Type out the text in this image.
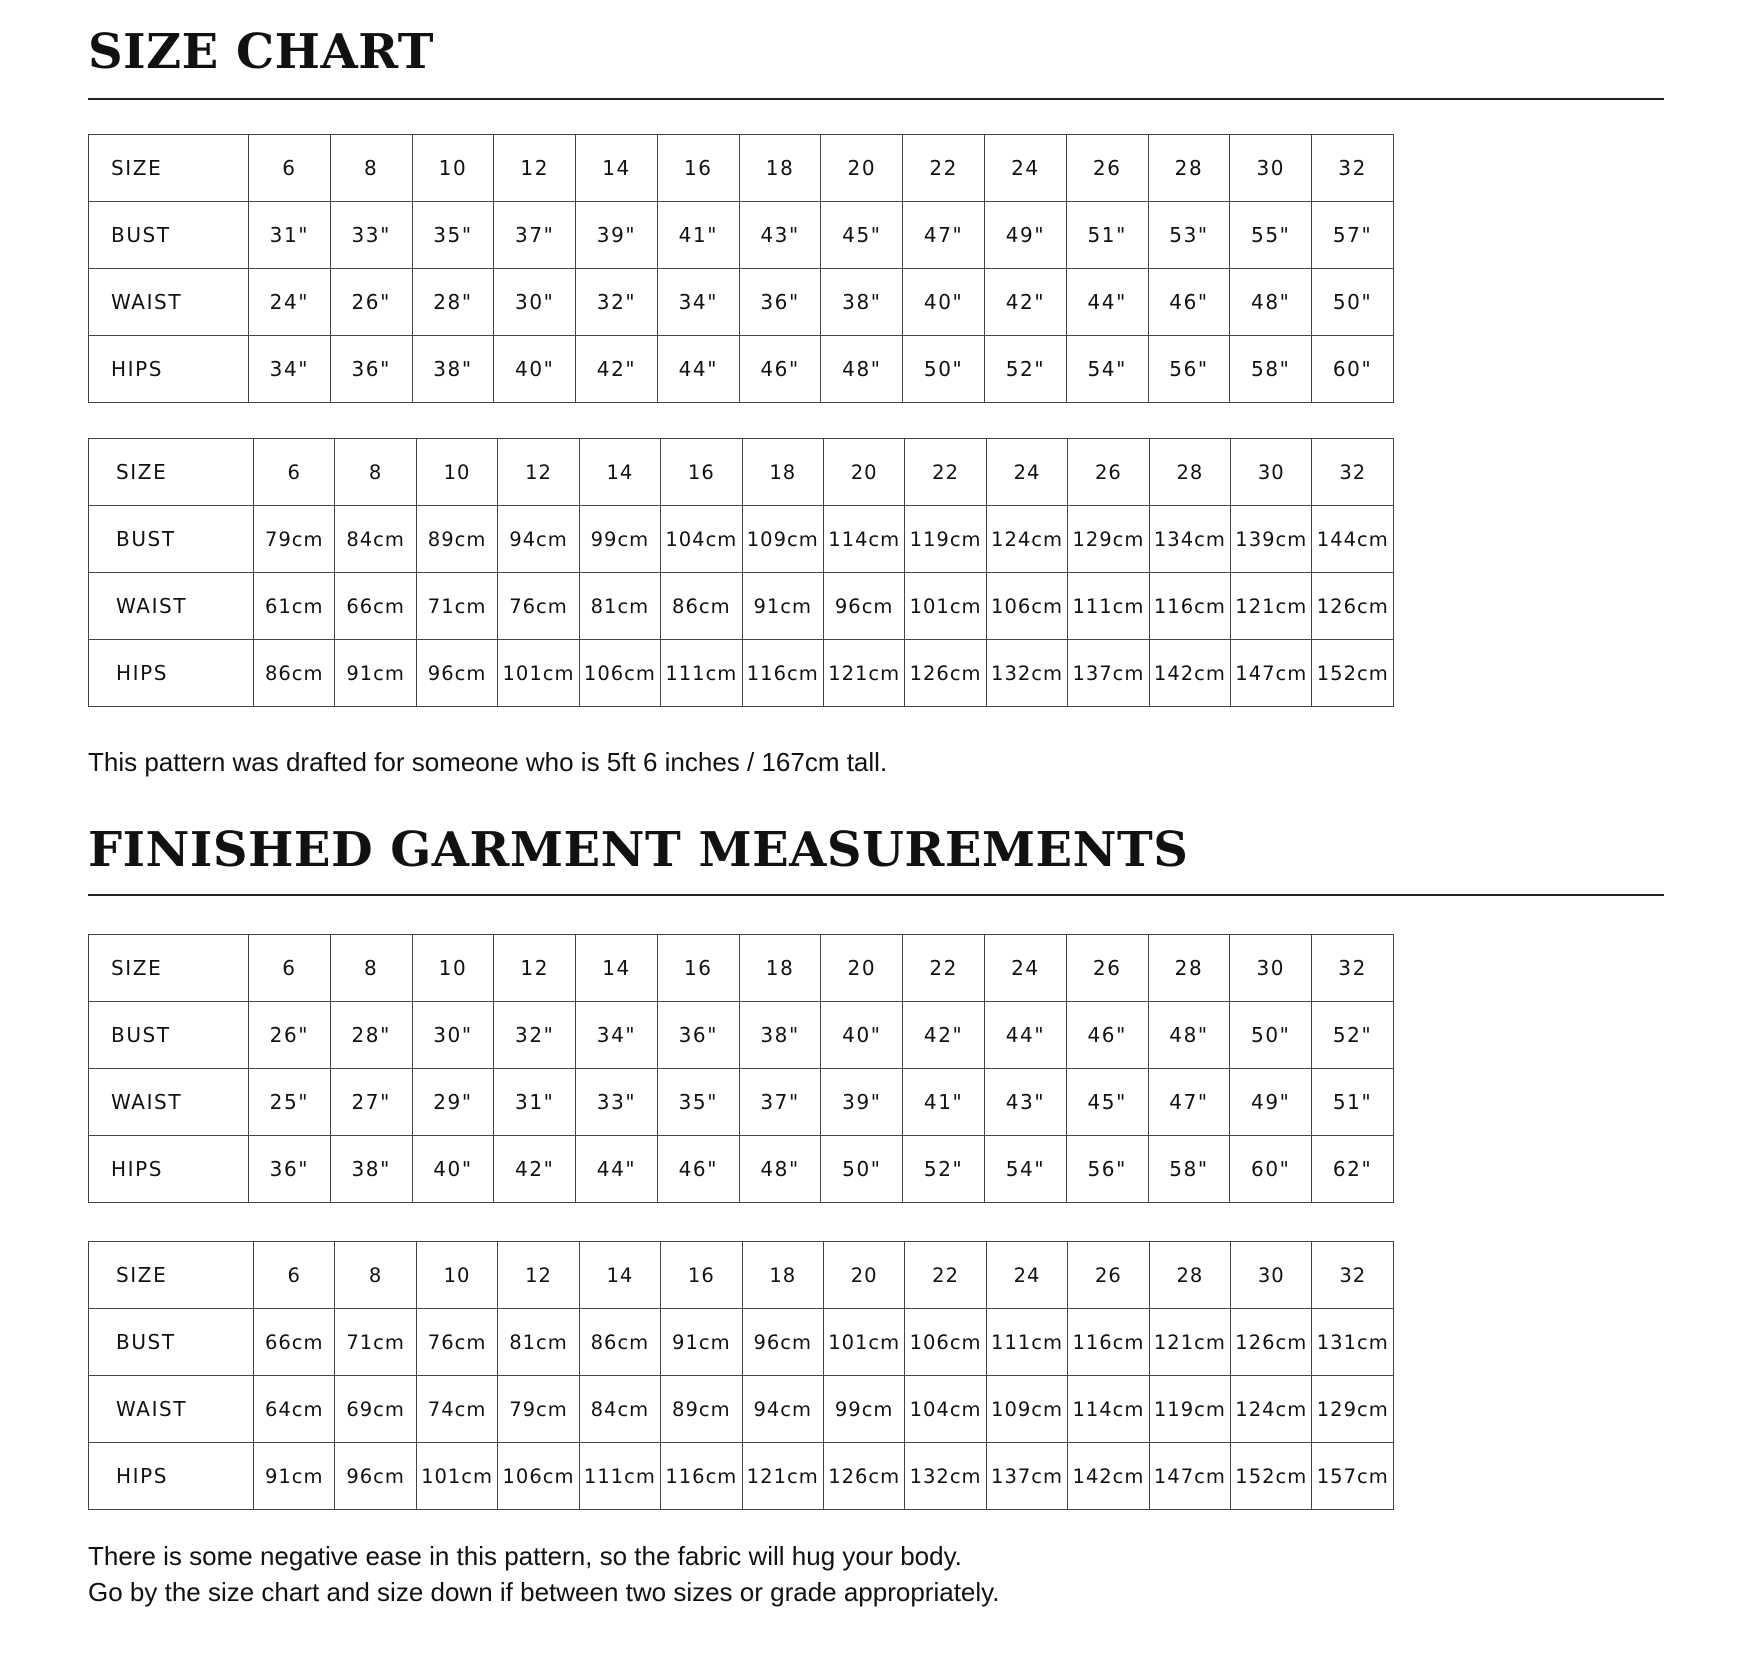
SIZE CHART
SIZE	6	8	10	12	14	16	18	20	22	24	26	28	30	32
BUST	31"	33"	35"	37"	39"	41"	43"	45"	47"	49"	51"	53"	55"	57"
WAIST	24"	26"	28"	30"	32"	34"	36"	38"	40"	42"	44"	46"	48"	50"
HIPS	34"	36"	38"	40"	42"	44"	46"	48"	50"	52"	54"	56"	58"	60"
SIZE	6	8	10	12	14	16	18	20	22	24	26	28	30	32
BUST	79cm	84cm	89cm	94cm	99cm	104cm	109cm	114cm	119cm	124cm	129cm	134cm	139cm	144cm
WAIST	61cm	66cm	71cm	76cm	81cm	86cm	91cm	96cm	101cm	106cm	111cm	116cm	121cm	126cm
HIPS	86cm	91cm	96cm	101cm	106cm	111cm	116cm	121cm	126cm	132cm	137cm	142cm	147cm	152cm

This pattern was drafted for someone who is 5ft 6 inches / 167cm tall.

FINISHED GARMENT MEASUREMENTS
SIZE	6	8	10	12	14	16	18	20	22	24	26	28	30	32
BUST	26"	28"	30"	32"	34"	36"	38"	40"	42"	44"	46"	48"	50"	52"
WAIST	25"	27"	29"	31"	33"	35"	37"	39"	41"	43"	45"	47"	49"	51"
HIPS	36"	38"	40"	42"	44"	46"	48"	50"	52"	54"	56"	58"	60"	62"
SIZE	6	8	10	12	14	16	18	20	22	24	26	28	30	32
BUST	66cm	71cm	76cm	81cm	86cm	91cm	96cm	101cm	106cm	111cm	116cm	121cm	126cm	131cm
WAIST	64cm	69cm	74cm	79cm	84cm	89cm	94cm	99cm	104cm	109cm	114cm	119cm	124cm	129cm
HIPS	91cm	96cm	101cm	106cm	111cm	116cm	121cm	126cm	132cm	137cm	142cm	147cm	152cm	157cm

There is some negative ease in this pattern, so the fabric will hug your body.

Go by the size chart and size down if between two sizes or grade appropriately.
